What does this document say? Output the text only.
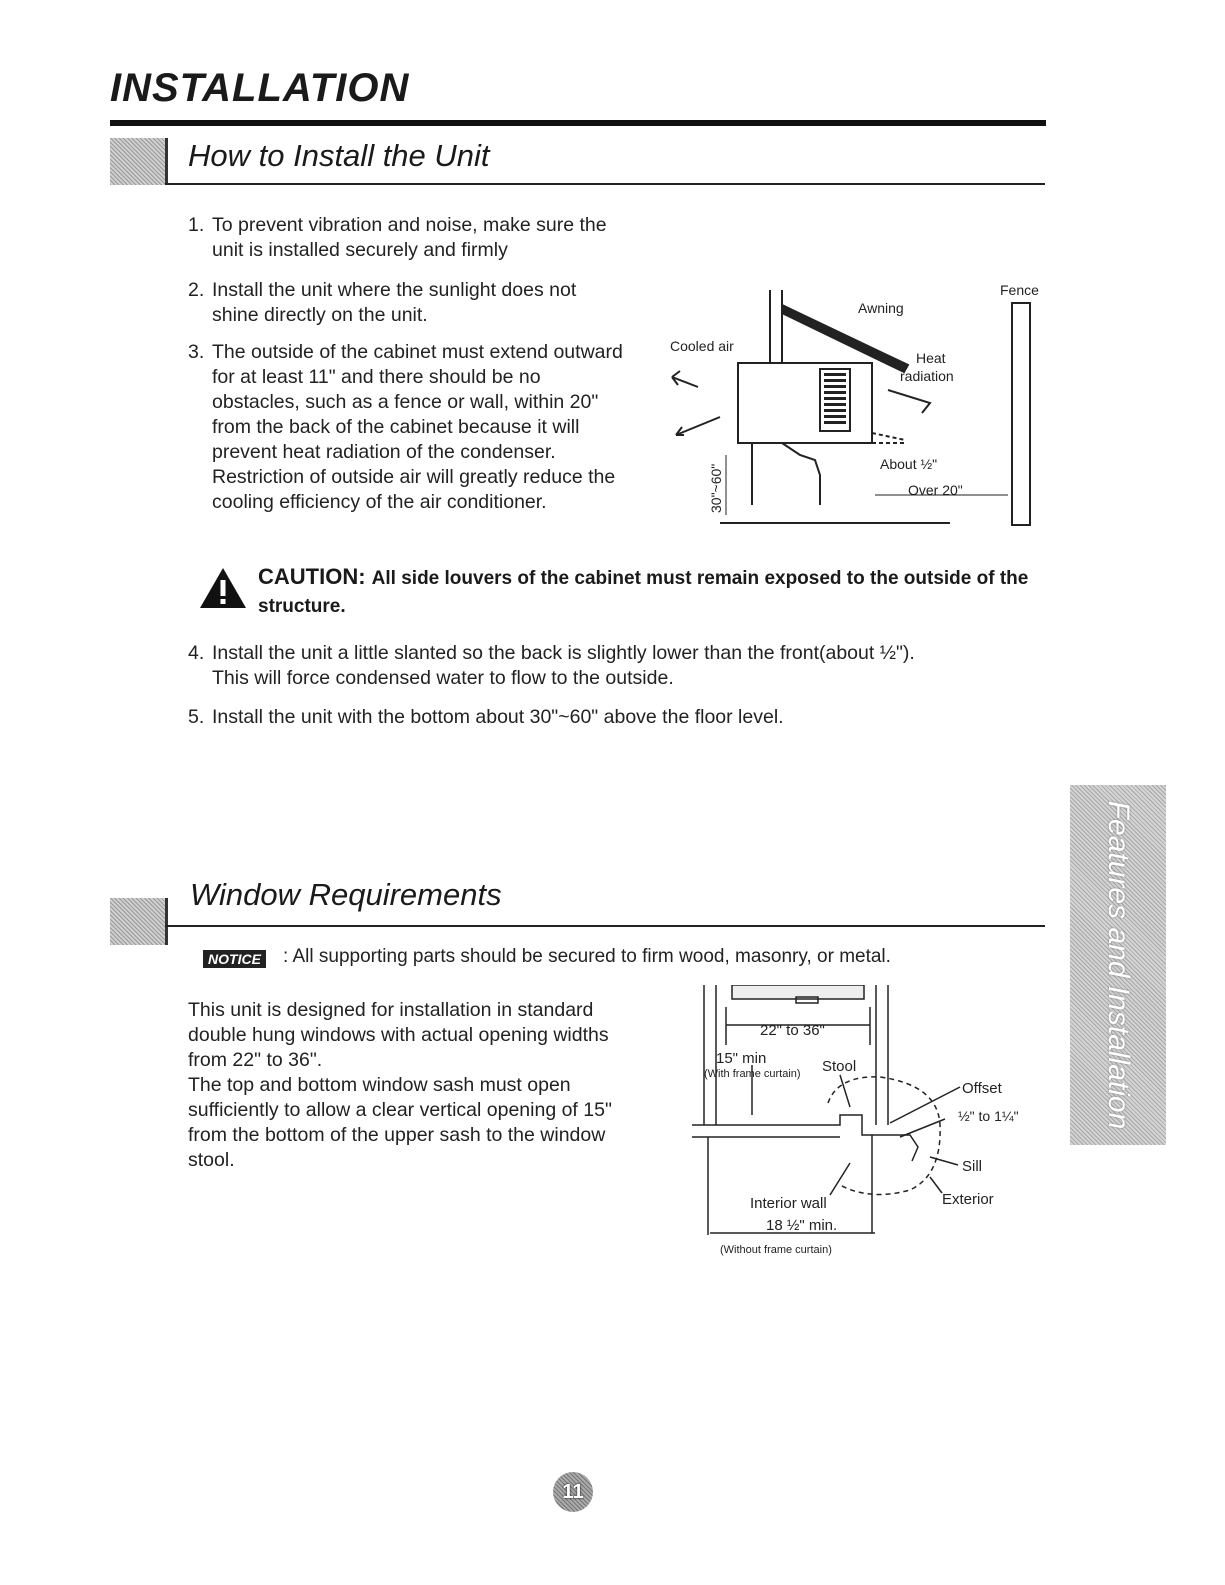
INSTALLATION
How to Install the Unit
1. To prevent vibration and noise, make sure the unit is installed securely and firmly
2. Install the unit where the sunlight does not shine directly on the unit.
3. The outside of the cabinet must extend outward for at least 11" and there should be no obstacles, such as a fence or wall, within 20" from the back of the cabinet because it will prevent heat radiation of the condenser.
Restriction of outside air will greatly reduce the cooling efficiency of the air conditioner.
CAUTION: All side louvers of the cabinet must remain exposed to the outside of the structure.
4. Install the unit a little slanted so the back is slightly lower than the front(about ½").
This will force condensed water to flow to the outside.
5. Install the unit with the bottom about 30"~60" above the floor level.
Fence
Awning
Cooled air
Heat
radiation
About ½"
Over 20"
30"~60"
Window Requirements
NOTICE : All supporting parts should be secured to firm wood, masonry, or metal.
This unit is designed for installation in standard double hung windows with actual opening widths from 22" to 36".
The top and bottom window sash must open sufficiently to allow a clear vertical opening of 15" from the bottom of the upper sash to the window stool.
22" to 36"
15" min
(With frame curtain) Stool
Offset
½" to 1¼"
Sill
Interior wall	Exterior
18 ½" min.
(Without frame curtain)
Features and Installation
11
